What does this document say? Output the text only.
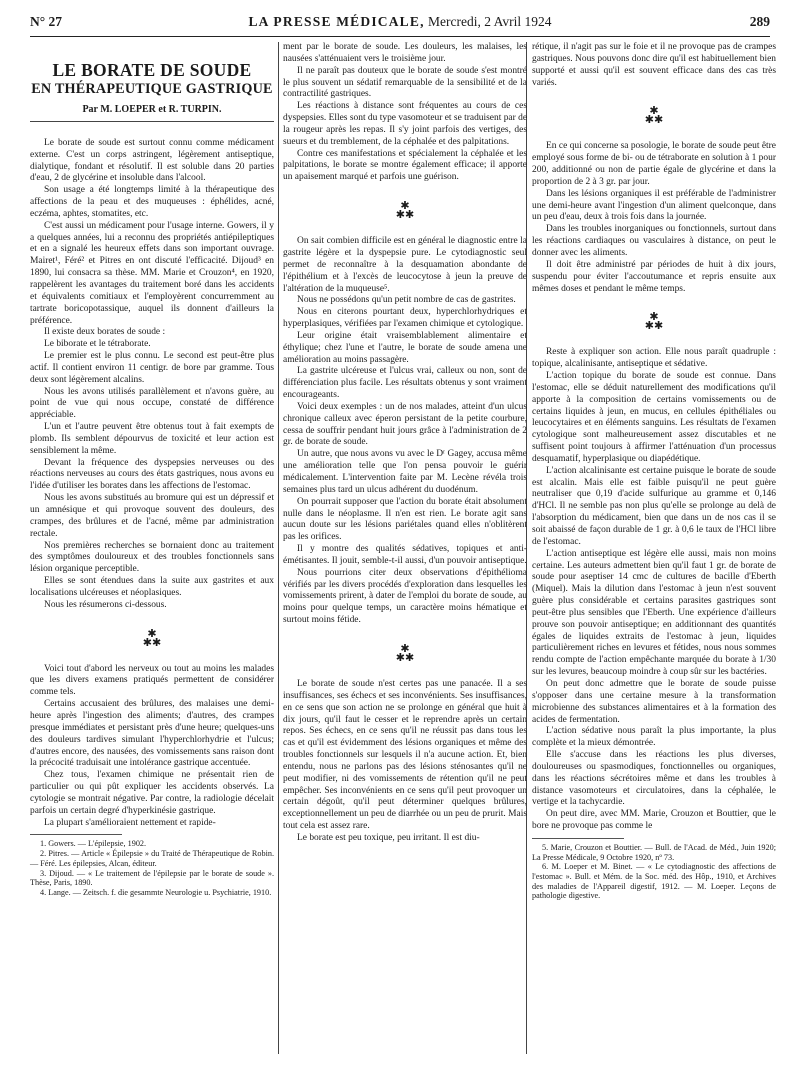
N° 27	LA PRESSE MÉDICALE, Mercredi, 2 Avril 1924	289
LE BORATE DE SOUDE
EN THÉRAPEUTIQUE GASTRIQUE
Par M. LOEPER et R. TURPIN.

Le borate de soude est surtout connu comme médicament externe. C'est un corps astringent, légèrement antiseptique, dialytique, fondant et résolutif. Il est soluble dans 20 parties d'eau, 2 de glycérine et insoluble dans l'alcool.

Son usage a été longtemps limité à la thérapeutique des affections de la peau et des muqueuses : éphélides, acné, eczéma, aphtes, stomatites, etc.

C'est aussi un médicament pour l'usage interne. Gowers, il y a quelques années, lui a reconnu des propriétés antiépileptiques et en a signalé les heureux effets dans son important ouvrage. Mairet¹, Féré² et Pitres en ont discuté l'efficacité. Dijoud³ en 1890, lui consacra sa thèse. MM. Marie et Crouzon⁴, en 1920, rappelèrent les avantages du traitement boré dans les accidents et équivalents comitiaux et l'employèrent concurremment au tartrate boricopotassique, auquel ils donnent d'ailleurs la préférence.

Il existe deux borates de soude :

Le biborate et le tétraborate.

Le premier est le plus connu. Le second est peut-être plus actif. Il contient environ 11 centigr. de bore par gramme. Tous deux sont légèrement alcalins.

Nous les avons utilisés parallèlement et n'avons guère, au point de vue qui nous occupe, constaté de différence appréciable.

L'un et l'autre peuvent être obtenus tout à fait exempts de plomb. Ils semblent dépourvus de toxicité et leur action est sensiblement la même.

Devant la fréquence des dyspepsies nerveuses ou des réactions nerveuses au cours des états gastriques, nous avons eu l'idée d'utiliser les borates dans les affections de l'estomac.

Nous les avons substitués au bromure qui est un dépressif et un amnésique et qui provoque souvent des douleurs, des crampes, des brûlures et de l'acné, même par administration rectale.

Nos premières recherches se bornaient donc au traitement des symptômes douloureux et des troubles fonctionnels sans lésion organique perceptible.

Elles se sont étendues dans la suite aux gastrites et aux localisations ulcéreuses et néoplasiques.

Nous les résumerons ci-dessous.

✱
✱✱

Voici tout d'abord les nerveux ou tout au moins les malades que les divers examens pratiqués permettent de considérer comme tels.

Certains accusaient des brûlures, des malaises une demi-heure après l'ingestion des aliments; d'autres, des crampes presque immédiates et persistant près d'une heure; quelques-uns des douleurs tardives simulant l'hyperchlorhydrie et l'ulcus; d'autres encore, des nausées, des vomissements sans raison dont la précocité traduisait une intolérance gastrique accentuée.

Chez tous, l'examen chimique ne présentait rien de particulier ou qui pût expliquer les accidents observés. La cytologie se montrait négative. Par contre, la radiologie décelait parfois un certain degré d'hyperkinésie gastrique.

La plupart s'amélioraient nettement et rapide-

1. Gowers. — L'épilepsie, 1902.

2. Pitres. — Article « Épilepsie » du Traité de Thérapeutique de Robin. — Féré. Les épilepsies, Alcan, éditeur.

3. Dijoud. — « Le traitement de l'épilepsie par le borate de soude ». Thèse, Paris, 1890.

4. Lange. — Zeitsch. f. die gesammte Neurologie u. Psychiatrie, 1910.

ment par le borate de soude. Les douleurs, les malaises, les nausées s'atténuaient vers le troisième jour.

Il ne paraît pas douteux que le borate de soude s'est montré le plus souvent un sédatif remarquable de la sensibilité et de la contractilité gastriques.

Les réactions à distance sont fréquentes au cours de ces dyspepsies. Elles sont du type vasomoteur et se traduisent par de la rougeur après les repas. Il s'y joint parfois des vertiges, des sueurs et du tremblement, de la céphalée et des palpitations.

Contre ces manifestations et spécialement la céphalée et les palpitations, le borate se montre également efficace; il apporte un apaisement marqué et parfois une guérison.

✱
✱✱

On sait combien difficile est en général le diagnostic entre la gastrite légère et la dyspepsie pure. Le cytodiagnostic seul permet de reconnaître à la desquamation abondante de l'épithélium et à l'excès de leucocytose à jeun la preuve de l'altération de la muqueuse⁵.

Nous ne possédons qu'un petit nombre de cas de gastrites.

Nous en citerons pourtant deux, hyperchlorhydriques et hyperplasiques, vérifiées par l'examen chimique et cytologique.

Leur origine était vraisemblablement alimentaire et éthylique; chez l'une et l'autre, le borate de soude amena une amélioration au moins passagère.

La gastrite ulcéreuse et l'ulcus vrai, calleux ou non, sont de différenciation plus facile. Les résultats obtenus y sont vraiment encourageants.

Voici deux exemples : un de nos malades, atteint d'un ulcus chronique calleux avec éperon persistant de la petite courbure, cessa de souffrir pendant huit jours grâce à l'administration de 2 gr. de borate de soude.

Un autre, que nous avons vu avec le Dʳ Gagey, accusa même une amélioration telle que l'on pensa pouvoir le guérir médicalement. L'intervention faite par M. Lecène révéla trois semaines plus tard un ulcus adhérent du duodénum.

On pourrait supposer que l'action du borate était absolument nulle dans le néoplasme. Il n'en est rien. Le borate agit sans aucun doute sur les lésions pariétales quand elles n'oblitèrent pas les orifices.

Il y montre des qualités sédatives, topiques et anti-émétisantes. Il jouit, semble-t-il aussi, d'un pouvoir antiseptique.

Nous pourrions citer deux observations d'épithélioma vérifiés par les divers procédés d'exploration dans lesquelles les vomissements prirent, à dater de l'emploi du borate de soude, au moins pour quelque temps, un caractère moins hématique et surtout moins fétide.

✱
✱✱

Le borate de soude n'est certes pas une panacée. Il a ses insuffisances, ses échecs et ses inconvénients. Ses insuffisances, en ce sens que son action ne se prolonge en général que huit à dix jours, qu'il faut le cesser et le reprendre après un certain repos. Ses échecs, en ce sens qu'il ne réussit pas dans tous les cas et qu'il est évidemment des lésions organiques et même des troubles fonctionnels sur lesquels il n'a aucune action. Et, bien entendu, nous ne parlons pas des lésions sténosantes qu'il ne peut modifier, ni des vomissements de rétention qu'il ne peut empêcher. Ses inconvénients en ce sens qu'il peut provoquer un certain dégoût, qu'il peut déterminer quelques brûlures, exceptionnellement un peu de diarrhée ou un peu de prurit. Mais tout cela est assez rare.

Le borate est peu toxique, peu irritant. Il est diu-

rétique, il n'agit pas sur le foie et il ne provoque pas de crampes gastriques. Nous pouvons donc dire qu'il est habituellement bien supporté et aussi qu'il est souvent efficace dans des cas très variés.

✱
✱✱

En ce qui concerne sa posologie, le borate de soude peut être employé sous forme de bi- ou de tétraborate en solution à 1 pour 200, additionné ou non de partie égale de glycérine et dans la proportion de 2 à 3 gr. par jour.

Dans les lésions organiques il est préférable de l'administrer une demi-heure avant l'ingestion d'un aliment quelconque, dans un peu d'eau, deux à trois fois dans la journée.

Dans les troubles inorganiques ou fonctionnels, surtout dans les réactions cardiaques ou vasculaires à distance, on peut le donner avec les aliments.

Il doit être administré par périodes de huit à dix jours, suspendu pour éviter l'accoutumance et repris ensuite aux mêmes doses et pendant le même temps.

✱
✱✱

Reste à expliquer son action. Elle nous paraît quadruple : topique, alcalinisante, antiseptique et sédative.

L'action topique du borate de soude est connue. Dans l'estomac, elle se déduit naturellement des modifications qu'il apporte à la composition de certains vomissements ou de certains liquides à jeun, en mucus, en cellules épithéliales ou leucocytaires et en éléments sanguins. Les résultats de l'examen cytologique sont malheureusement assez discutables et ne suffisent point toujours à affirmer l'atténuation d'un processus desquamatif, hyperplasique ou diapédétique.

L'action alcalinisante est certaine puisque le borate de soude est alcalin. Mais elle est faible puisqu'il ne peut guère neutraliser que 0,19 d'acide sulfurique au gramme et 0,146 d'HCl. Il ne semble pas non plus qu'elle se prolonge au delà de l'absorption du médicament, bien que dans un de nos cas il se soit abaissé de façon durable de 1 gr. à 0,6 le taux de l'HCl libre de l'estomac.

L'action antiseptique est légère elle aussi, mais non moins certaine. Les auteurs admettent bien qu'il faut 1 gr. de borate de soude pour aseptiser 14 cmc de cultures de bacille d'Eberth (Miquel). Mais la dilution dans l'estomac à jeun n'est souvent guère plus considérable et certains parasites gastriques sont peut-être plus sensibles que l'Eberth. Une expérience d'ailleurs prouve son pouvoir antiseptique; en additionnant des quantités égales de liquides extraits de l'estomac à jeun, liquides particulièrement riches en levures et fétides, nous nous sommes rendu compte de l'action empêchante marquée du borate à 1/30 sur les levures, beaucoup moindre à coup sûr sur les bactéries.

On peut donc admettre que le borate de soude puisse s'opposer dans une certaine mesure à la transformation microbienne des substances alimentaires et à la formation des acides de fermentation.

L'action sédative nous paraît la plus importante, la plus complète et la mieux démontrée.

Elle s'accuse dans les réactions les plus diverses, douloureuses ou spasmodiques, fonctionnelles ou organiques, dans les réactions sécrétoires même et dans les troubles à distance vasomoteurs et circulatoires, dans la céphalée, le vertige et la tachycardie.

On peut dire, avec MM. Marie, Crouzon et Bouttier, que le bore ne provoque pas comme le

5. Marie, Crouzon et Bouttier. — Bull. de l'Acad. de Méd., Juin 1920; La Presse Médicale, 9 Octobre 1920, nº 73.

6. M. Loeper et M. Binet. — « Le cytodiagnostic des affections de l'estomac ». Bull. et Mém. de la Soc. méd. des Hôp., 1910, et Archives des maladies de l'Appareil digestif, 1912. — M. Loeper. Leçons de pathologie digestive.
